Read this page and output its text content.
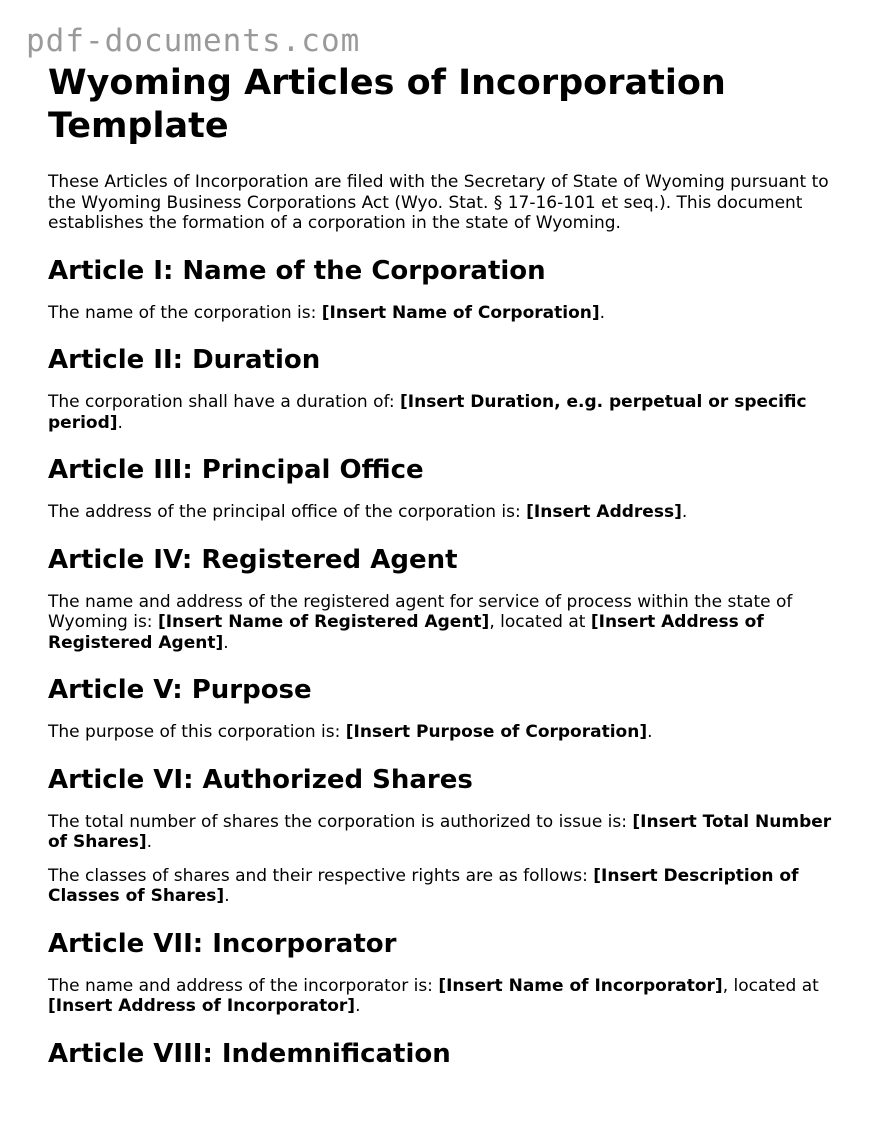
pdf-documents.com
Wyoming Articles of Incorporation Template

These Articles of Incorporation are filed with the Secretary of State of Wyoming pursuant to the Wyoming Business Corporations Act (Wyo. Stat. § 17-16-101 et seq.). This document establishes the formation of a corporation in the state of Wyoming.

Article I: Name of the Corporation

The name of the corporation is: [Insert Name of Corporation].

Article II: Duration

The corporation shall have a duration of: [Insert Duration, e.g. perpetual or specific period].

Article III: Principal Office

The address of the principal office of the corporation is: [Insert Address].

Article IV: Registered Agent

The name and address of the registered agent for service of process within the state of Wyoming is: [Insert Name of Registered Agent], located at [Insert Address of Registered Agent].

Article V: Purpose

The purpose of this corporation is: [Insert Purpose of Corporation].

Article VI: Authorized Shares

The total number of shares the corporation is authorized to issue is: [Insert Total Number of Shares].

The classes of shares and their respective rights are as follows: [Insert Description of Classes of Shares].

Article VII: Incorporator

The name and address of the incorporator is: [Insert Name of Incorporator], located at [Insert Address of Incorporator].

Article VIII: Indemnification
